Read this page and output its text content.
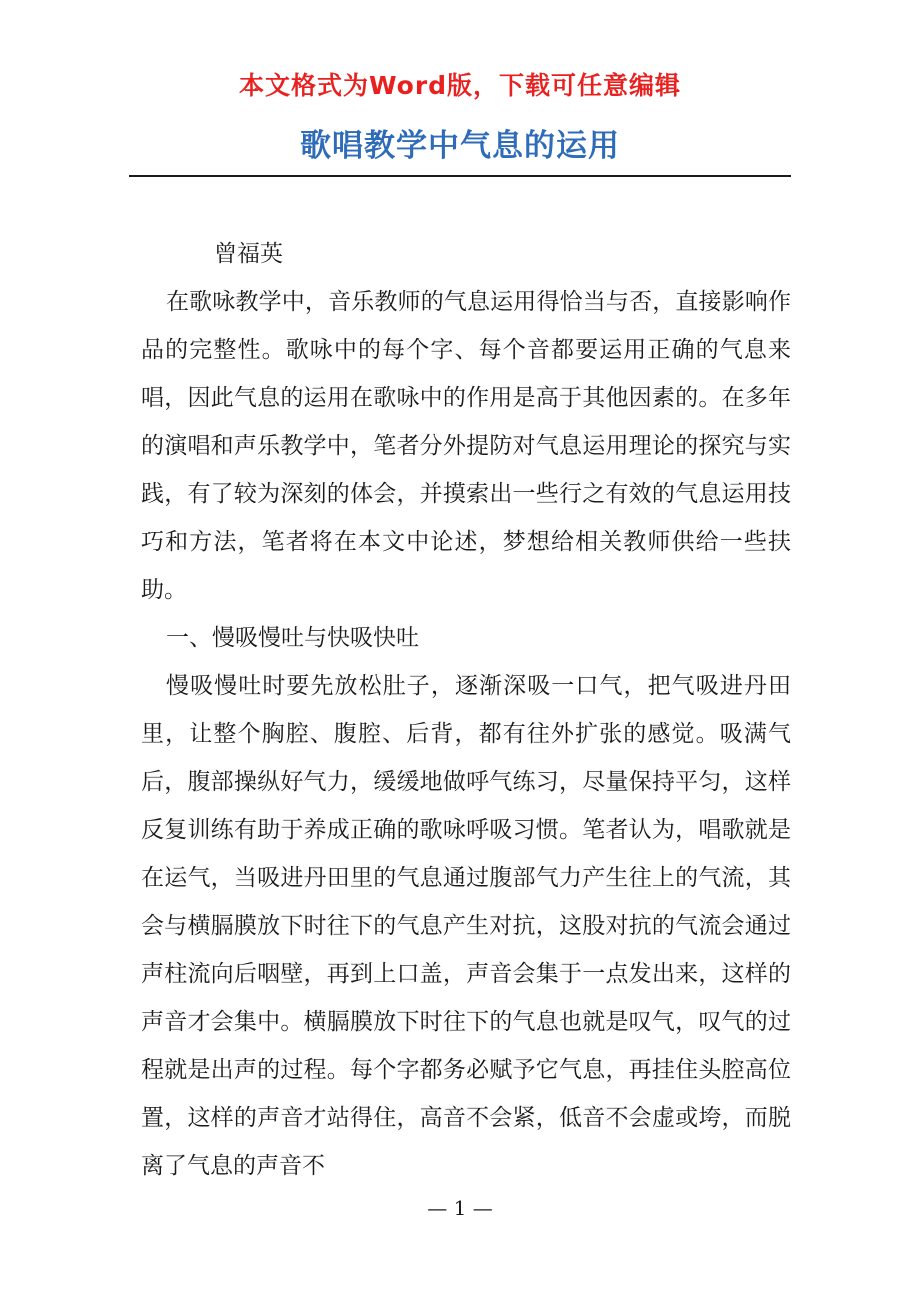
本文格式为Word版，下载可任意编辑
歌唱教学中气息的运用

曾福英

在歌咏教学中，音乐教师的气息运用得恰当与否，直接影响作品的完整性。歌咏中的每个字、每个音都要运用正确的气息来唱，因此气息的运用在歌咏中的作用是高于其他因素的。在多年的演唱和声乐教学中，笔者分外提防对气息运用理论的探究与实践，有了较为深刻的体会，并摸索出一些行之有效的气息运用技巧和方法，笔者将在本文中论述，梦想给相关教师供给一些扶助。

一、慢吸慢吐与快吸快吐

慢吸慢吐时要先放松肚子，逐渐深吸一口气，把气吸进丹田里，让整个胸腔、腹腔、后背，都有往外扩张的感觉。吸满气后，腹部操纵好气力，缓缓地做呼气练习，尽量保持平匀，这样反复训练有助于养成正确的歌咏呼吸习惯。笔者认为，唱歌就是在运气，当吸进丹田里的气息通过腹部气力产生往上的气流，其会与横膈膜放下时往下的气息产生对抗，这股对抗的气流会通过声柱流向后咽壁，再到上口盖，声音会集于一点发出来，这样的声音才会集中。横膈膜放下时往下的气息也就是叹气，叹气的过程就是出声的过程。每个字都务必赋予它气息，再挂住头腔高位置，这样的声音才站得住，高音不会紧，低音不会虚或垮，而脱离了气息的声音不

— 1 —
